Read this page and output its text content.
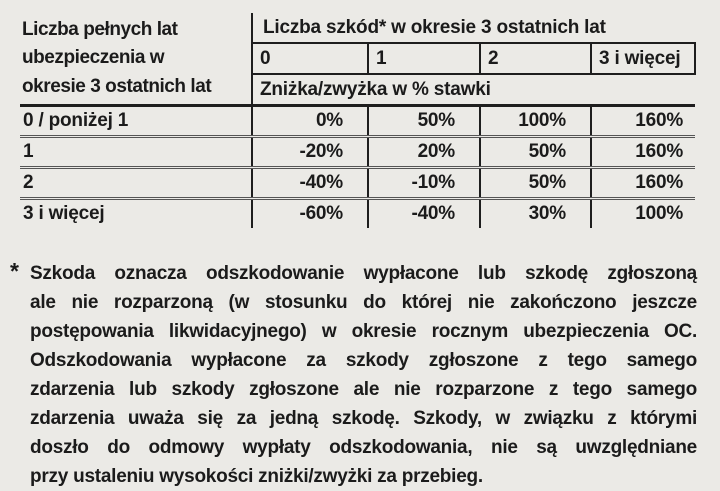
Liczba pełnych lat
ubezpieczenia w
okresie 3 ostatnich lat	Liczba szkód* w okresie 3 ostatnich lat			
	0	1	2	3 i więcej
	Zniżka/zwyżka w % stawki			
0 / poniżej 1	0%	50%	100%	160%
1	-20%	20%	50%	160%
2	-40%	-10%	50%	160%
3 i więcej	-60%	-40%	30%	100%
* Szkoda oznacza odszkodowanie wypłacone lub szkodę zgłoszoną
ale nie rozparzoną (w stosunku do której nie zakończono jeszcze
postępowania likwidacyjnego) w okresie rocznym ubezpieczenia OC.
Odszkodowania wypłacone za szkody zgłoszone z tego samego
zdarzenia lub szkody zgłoszone ale nie rozparzone z tego samego
zdarzenia uważa się za jedną szkodę. Szkody, w związku z którymi
doszło do odmowy wypłaty odszkodowania, nie są uwzględniane
przy ustaleniu wysokości zniżki/zwyżki za przebieg.
